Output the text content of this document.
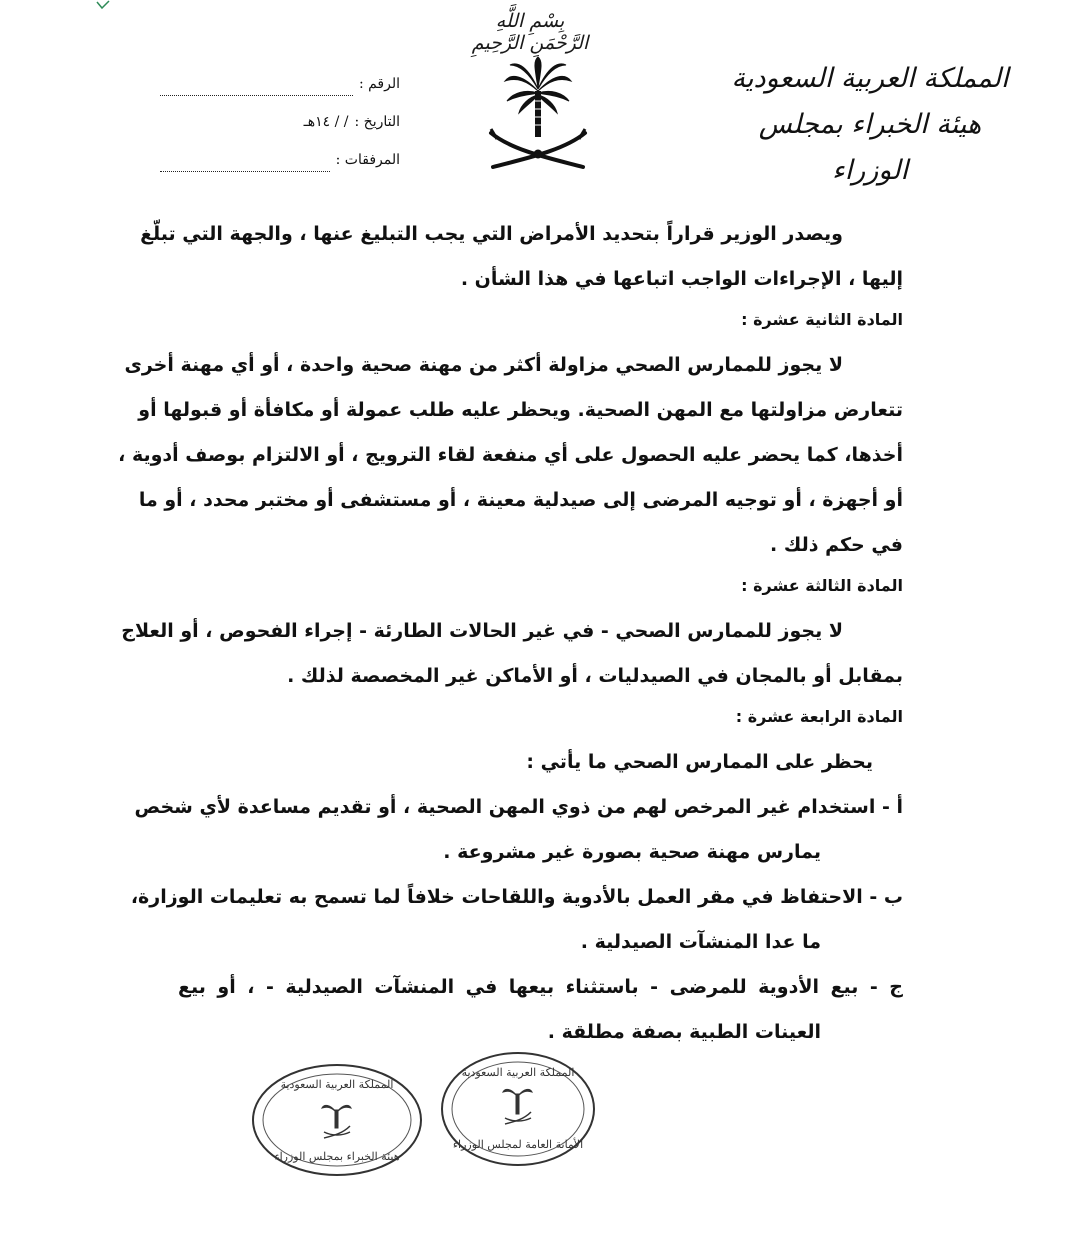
بِسْمِ اللَّهِ الرَّحْمَنِ الرَّحِيمِ
المملكة العربية السعودية
هيئة الخبراء بمجلس الوزراء
الرقم :
التاريخ :
/ / ١٤هـ
المرفقات :
ويصدر الوزير قراراً بتحديد الأمراض التي يجب التبليغ عنها ، والجهة التي تبلّغ
إليها ، الإجراءات الواجب اتباعها في هذا الشأن .
المادة الثانية عشرة :
لا يجوز للممارس الصحي مزاولة أكثر من مهنة صحية واحدة ، أو أي مهنة أخرى
تتعارض مزاولتها مع المهن الصحية. ويحظر عليه طلب عمولة أو مكافأة أو قبولها أو
أخذها، كما يحضر عليه الحصول على أي منفعة لقاء الترويج ، أو الالتزام بوصف أدوية ،
أو أجهزة ، أو توجيه المرضى إلى صيدلية معينة ، أو مستشفى أو مختبر محدد ، أو ما
في حكم ذلك .
المادة الثالثة عشرة :
لا يجوز للممارس الصحي - في غير الحالات الطارئة - إجراء الفحوص ، أو العلاج
بمقابل أو بالمجان في الصيدليات ، أو الأماكن غير المخصصة لذلك .
المادة الرابعة عشرة :
يحظر على الممارس الصحي ما يأتي :
أ - استخدام غير المرخص لهم من ذوي المهن الصحية ، أو تقديم مساعدة لأي شخص
يمارس مهنة صحية بصورة غير مشروعة .
ب - الاحتفاظ في مقر العمل بالأدوية واللقاحات خلافاً لما تسمح به تعليمات الوزارة،
ما عدا المنشآت الصيدلية .
ج - بيع الأدوية للمرضى - باستثناء بيعها في المنشآت الصيدلية - ، أو بيع
العينات الطبية بصفة مطلقة .
المملكة العربية السعودية
هيئة الخبراء بمجلس الوزراء
المملكة العربية السعودية
الأمانة العامة لمجلس الوزراء
